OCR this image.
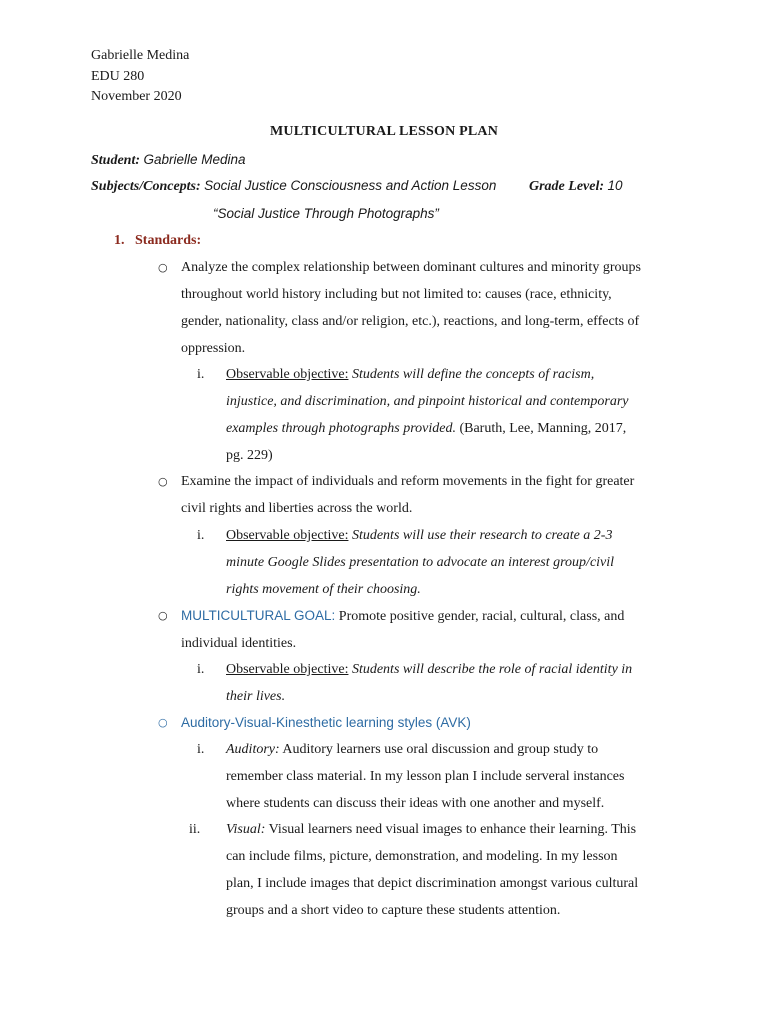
Gabrielle Medina
EDU 280
November 2020
MULTICULTURAL LESSON PLAN
Student: Gabrielle Medina
Subjects/Concepts: Social Justice Consciousness and Action Lesson Grade Level: 10
“Social Justice Through Photographs”
1. Standards:
○ Analyze the complex relationship between dominant cultures and minority groups
throughout world history including but not limited to: causes (race, ethnicity,
gender, nationality, class and/or religion, etc.), reactions, and long-term, effects of
oppression.
i. Observable objective: Students will define the concepts of racism,
injustice, and discrimination, and pinpoint historical and contemporary
examples through photographs provided. (Baruth, Lee, Manning, 2017,
pg. 229)
○ Examine the impact of individuals and reform movements in the fight for greater
civil rights and liberties across the world.
i. Observable objective: Students will use their research to create a 2-3
minute Google Slides presentation to advocate an interest group/civil
rights movement of their choosing.
○ MULTICULTURAL GOAL: Promote positive gender, racial, cultural, class, and
individual identities.
i. Observable objective: Students will describe the role of racial identity in
their lives.
○ Auditory-Visual-Kinesthetic learning styles (AVK)
i. Auditory: Auditory learners use oral discussion and group study to
remember class material. In my lesson plan I include serveral instances
where students can discuss their ideas with one another and myself.
ii. Visual: Visual learners need visual images to enhance their learning. This
can include films, picture, demonstration, and modeling. In my lesson
plan, I include images that depict discrimination amongst various cultural
groups and a short video to capture these students attention.
